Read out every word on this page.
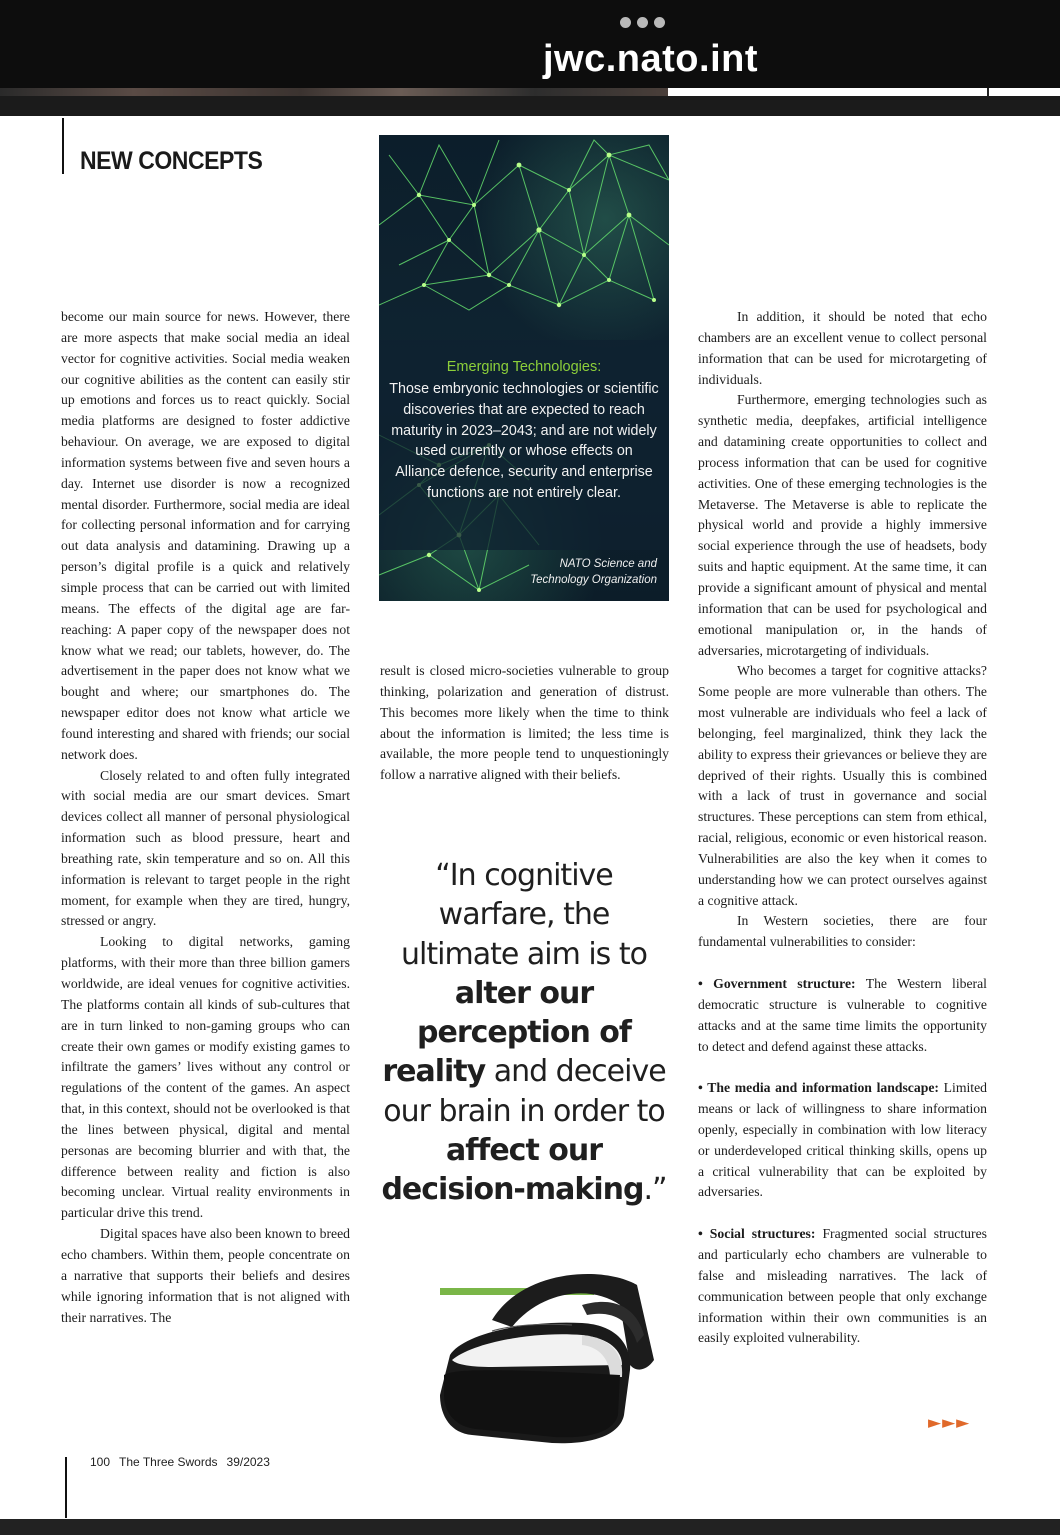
jwc.nato.int
NEW CONCEPTS
Emerging Technologies:
Those embryonic technologies or scientific discoveries that are expected to reach maturity in 2023–2043; and are not widely used currently or whose effects on Alliance defence, security and enterprise functions are not entirely clear.
NATO Science and
Technology Organization

become our main source for news. However, there are more aspects that make social media an ideal vector for cognitive activities. Social media weaken our cognitive abilities as the content can easily stir up emotions and forces us to react quickly. Social media platforms are designed to foster addictive behaviour. On average, we are exposed to digital information systems between five and seven hours a day. Internet use disorder is now a recognized mental disorder. Furthermore, social media are ideal for collecting personal information and for carrying out data analysis and datamining. Drawing up a person’s digital profile is a quick and relatively simple process that can be carried out with limited means. The effects of the digital age are far-reaching: A paper copy of the newspaper does not know what we read; our tablets, however, do. The advertisement in the paper does not know what we bought and where; our smartphones do. The newspaper editor does not know what article we found interesting and shared with friends; our social network does.

Closely related to and often fully integrated with social media are our smart devices. Smart devices collect all manner of personal physiological information such as blood pressure, heart and breathing rate, skin temperature and so on. All this information is relevant to target people in the right moment, for example when they are tired, hungry, stressed or angry.

Looking to digital networks, gaming platforms, with their more than three billion gamers worldwide, are ideal venues for cognitive activities. The platforms contain all kinds of sub-cultures that are in turn linked to non-gaming groups who can create their own games or modify existing games to infiltrate the gamers’ lives without any control or regulations of the content of the games. An aspect that, in this context, should not be overlooked is that the lines between physical, digital and mental personas are becoming blurrier and with that, the difference between reality and fiction is also becoming unclear. Virtual reality environments in particular drive this trend.

Digital spaces have also been known to breed echo chambers. Within them, people concentrate on a narrative that supports their beliefs and desires while ignoring information that is not aligned with their narratives. The

result is closed micro-societies vulnerable to group thinking, polarization and generation of distrust. This becomes more likely when the time to think about the information is limited; the less time is available, the more people tend to unquestioningly follow a narrative aligned with their beliefs.

“In cognitive warfare, the ultimate aim is to alter our perception of reality and deceive our brain in order to affect our decision-making.”

In addition, it should be noted that echo chambers are an excellent venue to collect personal information that can be used for microtargeting of individuals.

Furthermore, emerging technologies such as synthetic media, deepfakes, artificial intelligence and datamining create opportunities to collect and process information that can be used for cognitive activities. One of these emerging technologies is the Metaverse. The Metaverse is able to replicate the physical world and provide a highly immersive social experience through the use of headsets, body suits and haptic equipment. At the same time, it can provide a significant amount of physical and mental information that can be used for psychological and emotional manipulation or, in the hands of adversaries, microtargeting of individuals.

Who becomes a target for cognitive attacks? Some people are more vulnerable than others. The most vulnerable are individuals who feel a lack of belonging, feel marginalized, think they lack the ability to express their grievances or believe they are deprived of their rights. Usually this is combined with a lack of trust in governance and social structures. These perceptions can stem from ethical, racial, religious, economic or even historical reason. Vulnerabilities are also the key when it comes to understanding how we can protect ourselves against a cognitive attack.

In Western societies, there are four fundamental vulnerabilities to consider:

• Government structure: The Western liberal democratic structure is vulnerable to cognitive attacks and at the same time limits the opportunity to detect and defend against these attacks.

• The media and information landscape: Limited means or lack of willingness to share information openly, especially in combination with low literacy or underdeveloped critical thinking skills, opens up a critical vulnerability that can be exploited by adversaries.

• Social structures: Fragmented social structures and particularly echo chambers are vulnerable to false and misleading narratives. The lack of communication between people that only exchange information within their own communities is an easily exploited vulnerability.

►►►
100 The Three Swords 39/2023
